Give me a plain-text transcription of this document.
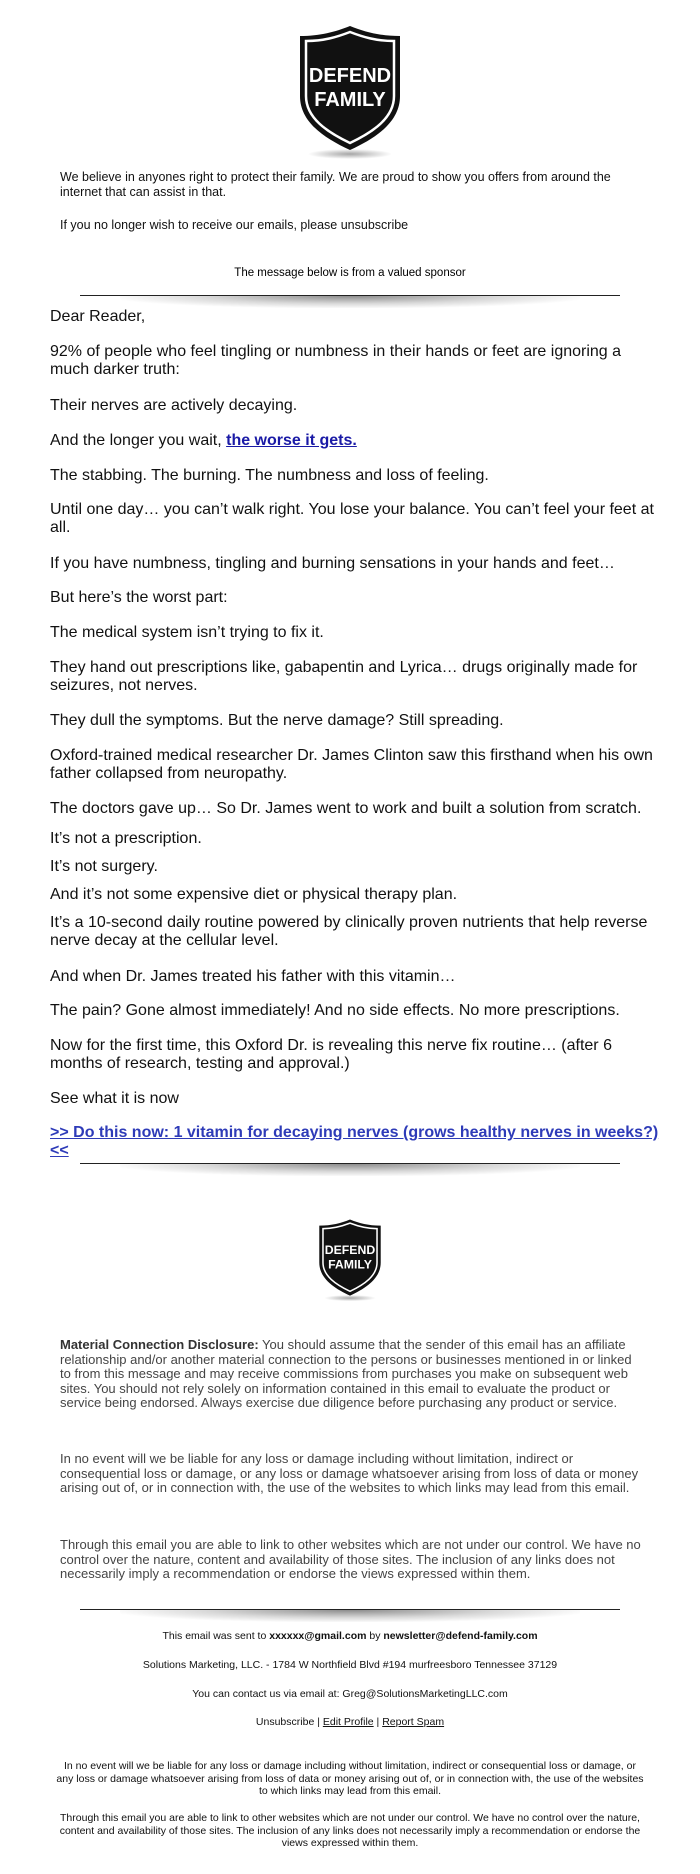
DEFEND
FAMILY
We believe in anyones right to protect their family. We are proud to show you offers from around the internet that can assist in that.
If you no longer wish to receive our emails, please unsubscribe
The message below is from a valued sponsor

Dear Reader,

92% of people who feel tingling or numbness in their hands or feet are ignoring a much darker truth:

Their nerves are actively decaying.

And the longer you wait, the worse it gets.

The stabbing. The burning. The numbness and loss of feeling.

Until one day… you can’t walk right. You lose your balance. You can’t feel your feet at all.

If you have numbness, tingling and burning sensations in your hands and feet…

But here’s the worst part:

The medical system isn’t trying to fix it.

They hand out prescriptions like, gabapentin and Lyrica… drugs originally made for seizures, not nerves.

They dull the symptoms. But the nerve damage? Still spreading.

Oxford-trained medical researcher Dr. James Clinton saw this firsthand when his own father collapsed from neuropathy.

The doctors gave up… So Dr. James went to work and built a solution from scratch.

It’s not a prescription.

It’s not surgery.

And it’s not some expensive diet or physical therapy plan.

It’s a 10-second daily routine powered by clinically proven nutrients that help reverse nerve decay at the cellular level.

And when Dr. James treated his father with this vitamin…

The pain? Gone almost immediately! And no side effects. No more prescriptions.

Now for the first time, this Oxford Dr. is revealing this nerve fix routine… (after 6 months of research, testing and approval.)

See what it is now

>> Do this now: 1 vitamin for decaying nerves (grows healthy nerves in weeks?)<<

DEFEND
FAMILY
Material Connection Disclosure: You should assume that the sender of this email has an affiliate relationship and/or another material connection to the persons or businesses mentioned in or linked to from this message and may receive commissions from purchases you make on subsequent web sites. You should not rely solely on information contained in this email to evaluate the product or service being endorsed. Always exercise due diligence before purchasing any product or service.
In no event will we be liable for any loss or damage including without limitation, indirect or consequential loss or damage, or any loss or damage whatsoever arising from loss of data or money arising out of, or in connection with, the use of the websites to which links may lead from this email.
Through this email you are able to link to other websites which are not under our control. We have no control over the nature, content and availability of those sites. The inclusion of any links does not necessarily imply a recommendation or endorse the views expressed within them.
This email was sent to xxxxxx@gmail.com by newsletter@defend-family.com
Solutions Marketing, LLC. - 1784 W Northfield Blvd #194 murfreesboro Tennessee 37129
You can contact us via email at: Greg@SolutionsMarketingLLC.com
Unsubscribe | Edit Profile | Report Spam
In no event will we be liable for any loss or damage including without limitation, indirect or consequential loss or damage, or any loss or damage whatsoever arising from loss of data or money arising out of, or in connection with, the use of the websites to which links may lead from this email.
Through this email you are able to link to other websites which are not under our control. We have no control over the nature, content and availability of those sites. The inclusion of any links does not necessarily imply a recommendation or endorse the views expressed within them.
